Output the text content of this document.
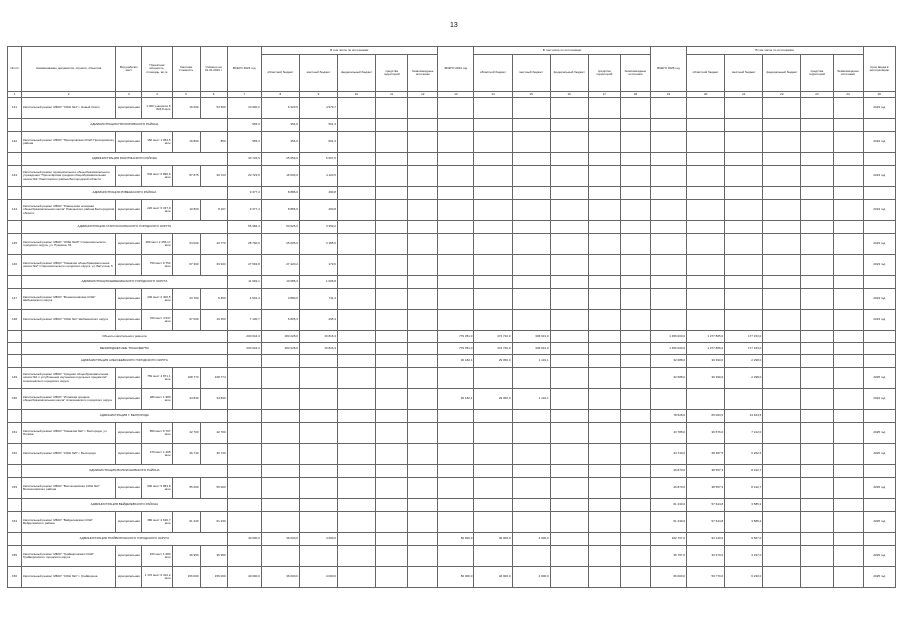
13
№ п/п	Наименование документов, отрасли, объектов	Вид рабочих мест	Проектная мощность, площадь, кв. м	Сметная стоимость	Освоено на 01.01.2023 г.	ВСЕГО 2023 год	В том числе по источникам:					ВСЕГО 2024 год	В том числе по источникам:					ВСЕГО 2025 год	В том числе по источникам:					Срок ввода в эксплуатацию
							областной бюджет	местный бюджет	федеральный бюджет	средства территорий	безвозмездные источники		областной бюджет	местный бюджет	федеральный бюджет	средства территорий	безвозмездные источники		областной бюджет	местный бюджет	федеральный бюджет	средства территорий	безвозмездные источники	
1	2	3	4	5	6	7	8	9	10	11	12	13	14	15	16	17	18	19	20	21	22	23	24	25
141	Капитальный ремонт МБОУ "СОШ №4" г. Новый Оскол	муниципальная	1 000 учащихся 5 824,8 кв.м	16 600	54 600	10 900,2	6 320,5	4 579,7																2023 год
	АДМИНИСТРАЦИЯ ПРОХОРОВСКОГО РАЙОНА					955,3	454,0	501,3																
142	Капитальный ремонт МБОУ "Прохоровская СОШ" Прохоровского района	муниципальная	150 мест 1 052,5 кв.м	16 800	850	955,3	454,0	501,3																2023 год
	АДМИНИСТРАЦИЯ РАКИТЯНСКОГО РАЙОНА					30 726,5	25 659,0	5 067,5																
143	Капитальный ремонт муниципального общеобразовательного учреждения "Пролетарская средняя общеобразовательная школа №1" Ракитянского района Белгородской области	муниципальная	540 мест 6 890,6 кв.м	87 875	30 723	20 723,5	16 603,0	4 120,5																2023 год
	АДМИНИСТРАЦИЯ РОВЕНЬСКОГО РАЙОНА					9 377,4	8 886,6	490,8																
144	Капитальный ремонт МБОУ "Ровеньская основная общеобразовательная школа" Ровеньского района Белгородской области	муниципальная	220 мест 6 337,9 кв.м	10 800	8 167	9 377,4	8 886,6	490,8																2023 год
	АДМИНИСТРАЦИЯ СТАРООСКОЛЬСКОГО ГОРОДСКОГО ОКРУГА					56 384,4	53 025,2	3 359,2																
145	Капитальный ремонт МБОУ "ООШ №29" Старооскольского городского округа, ул. Пушкина, 61	муниципальная	480 мест 2 456,17 кв.м	64 000	20 770	28 790,6	25 605,0	3 185,6																2023 год
146	Капитальный ремонт МБОУ "Гимназия общеобразовательная школа №2" Старооскольского городского округа, ул. Ватутина, 5	муниципальная	750 мест 6 752 кв.м	67 300	29 943	27 593,8	27 420,2	173,6																2023 год
	АДМИНИСТРАЦИЯ ШЕБЕКИНСКОГО ГОРОДСКОГО ОКРУГА					11 692,1	10 685,3	1 006,8																
147	Капитальный ремонт МБОУ "Вознесеновская СОШ" Шебекинского округа	муниципальная	230 мест 2 400,5 кв.м	23 700	5 450	4 591,4	3 880,0	711,4																2023 год
148	Капитальный ремонт МБОУ "СОШ №1" Шебекинского округа	муниципальная	700 мест 4 537 кв.м	97 000	19 450	7 100,7	6 805,3	295,4																2023 год
	Объекты капитального ремонта					200 044,3	183 228,0	16 816,3				779 351,0	472 720,0	306 631,0				1 456 000,0	1 277 865,0	177 153,0				
	МЕЖБЮДЖЕТНЫЕ ТРАНСФЕРТЫ					200 044,3	183 228,0	16 816,3				779 351,0	472 720,0	306 631,0				1 456 000,0	1 277 865,0	177 153,0				
	АДМИНИСТРАЦИЯ АЛЕКСЕЕВСКОГО ГОРОДСКОГО ОКРУГА											30 182,1	29 050,0	1 132,1				32 688,0	30 390,0	2 298,0				
149	Капитальный ремонт МБОУ "Средняя общеобразовательная школа №1 с углубленным изучением отдельных предметов" Алексеевского городского округа	муниципальная	750 мест 4 871,1 кв.м	108 774	108 774													32 688,0	30 390,0	2 298,0				2025 год
150	Капитальный ремонт МБОУ "Иловская средняя общеобразовательная школа" Алексеевского городского округа	муниципальная	280 мест 1 980 кв.м	34 830	34 830							30 182,1	29 050,0	1 132,1										2024 год
	АДМИНИСТРАЦИЯ Г. БЕЛГОРОДА																	78 528,0	65 063,5	13 464,5				
151	Капитальный ремонт МБОУ "Гимназия №2" г. Белгорода, ул. Попова	муниципальная	850 мест 5 797 кв.м	42 700	42 700													43 788,0	36 576,0	7 212,0				2025 год
152	Капитальный ремонт МБОУ "СОШ №5" г. Белгорода	муниципальная	270 мест 1 405 кв.м	36 740	36 740													34 740,0	28 487,5	6 252,5				2025 год
	АДМИНИСТРАЦИЯ ВОЛОКОНОВСКОГО РАЙОНА																	46 870,0	38 557,3	8 312,7				
153	Капитальный ремонт МБОУ "Волоконовская СОШ №2" Волоконовского района	муниципальная	600 мест 5 853,8 кв.м	55 000	55 000													46 870,0	38 557,3	8 312,7				2025 год
	АДМИНИСТРАЦИЯ ВЕЙДЕЛЕВСКОГО РАЙОНА																	61 230,0	57 644,8	3 585,2				
154	Капитальный ремонт МБОУ "Вейделевская СОШ" Вейделевского района	муниципальная	380 мест 2 630,7 кв.м	61 230	61 230													61 230,0	57 644,8	3 585,2				2025 год
	АДМИНИСТРАЦИЯ ГРАЙВОРОНСКОГО ГОРОДСКОГО ОКРУГА					40 000,0	36 000,0	4 000,0				50 000,0	46 000,0	4 000,0				102 707,0	93 140,0	9 567,0				
155	Капитальный ремонт МБОУ "Грайворонская СОШ" Грайворонского городского округа	муниципальная	160 мест 1 680 кв.м	36 950	36 950													36 707,0	33 370,0	3 337,0				2025 год
156	Капитальный ремонт МБОУ "СОШ №1" г. Грайворона	муниципальная	1 170 мест 6 412,2 кв.м	156 000	156 000	40 000,0	36 000,0	4 000,0				50 000,0	46 000,0	4 000,0				66 000,0	59 770,0	6 230,0				2025 год
